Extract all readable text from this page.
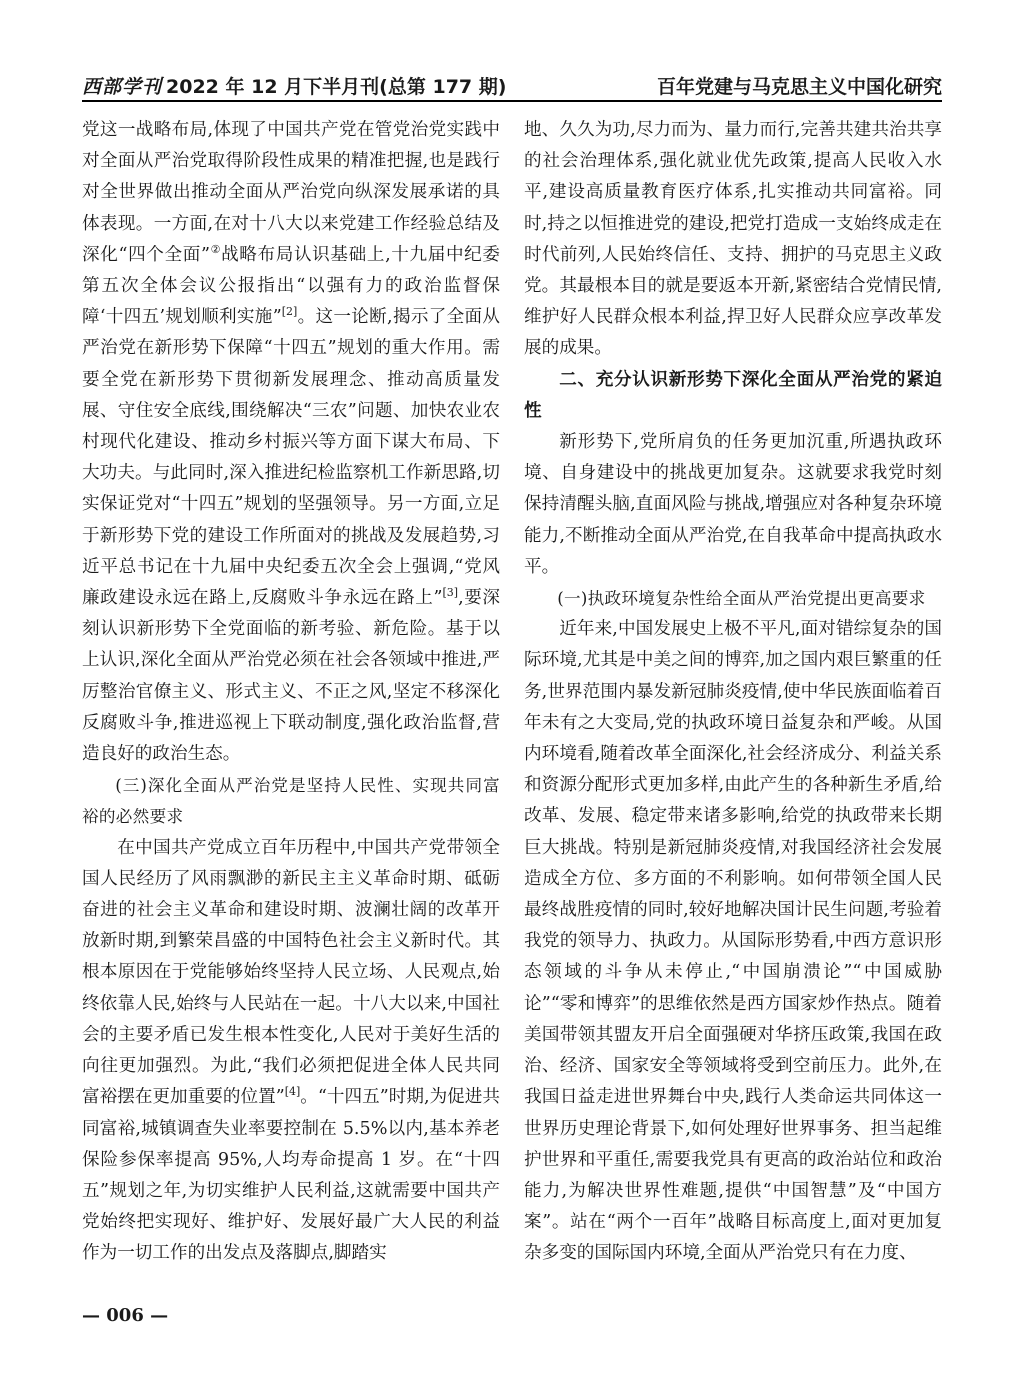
西部学刊 2022 年 12 月下半月刊(总第 177 期)	百年党建与马克思主义中国化研究

党这一战略布局,体现了中国共产党在管党治党实践中对全面从严治党取得阶段性成果的精准把握,也是践行对全世界做出推动全面从严治党向纵深发展承诺的具体表现。一方面,在对十八大以来党建工作经验总结及深化“四个全面”②战略布局认识基础上,十九届中纪委第五次全体会议公报指出“以强有力的政治监督保障‘十四五’规划顺利实施”[2]。这一论断,揭示了全面从严治党在新形势下保障“十四五”规划的重大作用。需要全党在新形势下贯彻新发展理念、推动高质量发展、守住安全底线,围绕解决“三农”问题、加快农业农村现代化建设、推动乡村振兴等方面下谋大布局、下大功夫。与此同时,深入推进纪检监察机工作新思路,切实保证党对“十四五”规划的坚强领导。另一方面,立足于新形势下党的建设工作所面对的挑战及发展趋势,习近平总书记在十九届中央纪委五次全会上强调,“党风廉政建设永远在路上,反腐败斗争永远在路上”[3],要深刻认识新形势下全党面临的新考验、新危险。基于以上认识,深化全面从严治党必须在社会各领域中推进,严厉整治官僚主义、形式主义、不正之风,坚定不移深化反腐败斗争,推进巡视上下联动制度,强化政治监督,营造良好的政治生态。

(三)深化全面从严治党是坚持人民性、实现共同富裕的必然要求

在中国共产党成立百年历程中,中国共产党带领全国人民经历了风雨飘渺的新民主主义革命时期、砥砺奋进的社会主义革命和建设时期、波澜壮阔的改革开放新时期,到繁荣昌盛的中国特色社会主义新时代。其根本原因在于党能够始终坚持人民立场、人民观点,始终依靠人民,始终与人民站在一起。十八大以来,中国社会的主要矛盾已发生根本性变化,人民对于美好生活的向往更加强烈。为此,“我们必须把促进全体人民共同富裕摆在更加重要的位置”[4]。“十四五”时期,为促进共同富裕,城镇调查失业率要控制在 5.5%以内,基本养老保险参保率提高 95%,人均寿命提高 1 岁。在“十四五”规划之年,为切实维护人民利益,这就需要中国共产党始终把实现好、维护好、发展好最广大人民的利益作为一切工作的出发点及落脚点,脚踏实

地、久久为功,尽力而为、量力而行,完善共建共治共享的社会治理体系,强化就业优先政策,提高人民收入水平,建设高质量教育医疗体系,扎实推动共同富裕。同时,持之以恒推进党的建设,把党打造成一支始终成走在时代前列,人民始终信任、支持、拥护的马克思主义政党。其最根本目的就是要返本开新,紧密结合党情民情,维护好人民群众根本利益,捍卫好人民群众应享改革发展的成果。

二、充分认识新形势下深化全面从严治党的紧迫性

新形势下,党所肩负的任务更加沉重,所遇执政环境、自身建设中的挑战更加复杂。这就要求我党时刻保持清醒头脑,直面风险与挑战,增强应对各种复杂环境能力,不断推动全面从严治党,在自我革命中提高执政水平。

(一)执政环境复杂性给全面从严治党提出更高要求

近年来,中国发展史上极不平凡,面对错综复杂的国际环境,尤其是中美之间的博弈,加之国内艰巨繁重的任务,世界范围内暴发新冠肺炎疫情,使中华民族面临着百年未有之大变局,党的执政环境日益复杂和严峻。从国内环境看,随着改革全面深化,社会经济成分、利益关系和资源分配形式更加多样,由此产生的各种新生矛盾,给改革、发展、稳定带来诸多影响,给党的执政带来长期巨大挑战。特别是新冠肺炎疫情,对我国经济社会发展造成全方位、多方面的不利影响。如何带领全国人民最终战胜疫情的同时,较好地解决国计民生问题,考验着我党的领导力、执政力。从国际形势看,中西方意识形态领域的斗争从未停止,“中国崩溃论”“中国威胁论”“零和博弈”的思维依然是西方国家炒作热点。随着美国带领其盟友开启全面强硬对华挤压政策,我国在政治、经济、国家安全等领域将受到空前压力。此外,在我国日益走进世界舞台中央,践行人类命运共同体这一世界历史理论背景下,如何处理好世界事务、担当起维护世界和平重任,需要我党具有更高的政治站位和政治能力,为解决世界性难题,提供“中国智慧”及“中国方案”。站在“两个一百年”战略目标高度上,面对更加复杂多变的国际国内环境,全面从严治党只有在力度、

— 006 —
